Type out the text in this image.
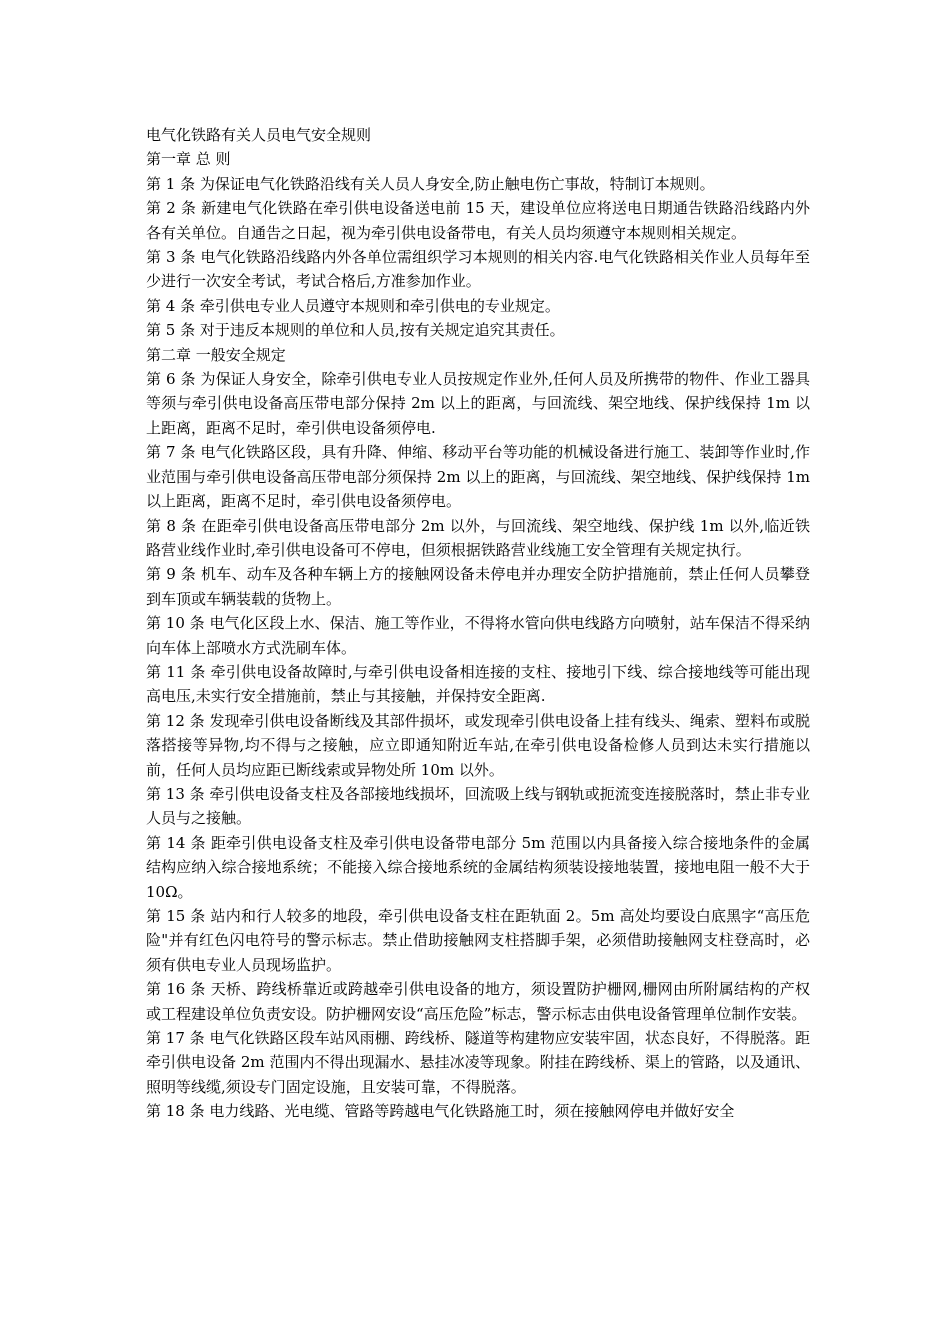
电气化铁路有关人员电气安全规则

第一章 总 则

第 1 条 为保证电气化铁路沿线有关人员人身安全,防止触电伤亡事故，特制订本规则。

第 2 条 新建电气化铁路在牵引供电设备送电前 15 天，建设单位应将送电日期通告铁路沿线路内外各有关单位。自通告之日起，视为牵引供电设备带电，有关人员均须遵守本规则相关规定。

第 3 条 电气化铁路沿线路内外各单位需组织学习本规则的相关内容.电气化铁路相关作业人员每年至少进行一次安全考试，考试合格后,方准参加作业。

第 4 条 牵引供电专业人员遵守本规则和牵引供电的专业规定。

第 5 条 对于违反本规则的单位和人员,按有关规定追究其责任。

第二章 一般安全规定

第 6 条 为保证人身安全，除牵引供电专业人员按规定作业外,任何人员及所携带的物件、作业工器具等须与牵引供电设备高压带电部分保持 2m 以上的距离，与回流线、架空地线、保护线保持 1m 以上距离，距离不足时，牵引供电设备须停电.

第 7 条 电气化铁路区段，具有升降、伸缩、移动平台等功能的机械设备进行施工、装卸等作业时,作业范围与牵引供电设备高压带电部分须保持 2m 以上的距离，与回流线、架空地线、保护线保持 1m 以上距离，距离不足时，牵引供电设备须停电。

第 8 条 在距牵引供电设备高压带电部分 2m 以外，与回流线、架空地线、保护线 1m 以外,临近铁路营业线作业时,牵引供电设备可不停电，但须根据铁路营业线施工安全管理有关规定执行。

第 9 条 机车、动车及各种车辆上方的接触网设备未停电并办理安全防护措施前，禁止任何人员攀登到车顶或车辆装载的货物上。

第 10 条 电气化区段上水、保洁、施工等作业，不得将水管向供电线路方向喷射，站车保洁不得采纳向车体上部喷水方式洗刷车体。

第 11 条 牵引供电设备故障时,与牵引供电设备相连接的支柱、接地引下线、综合接地线等可能出现高电压,未实行安全措施前，禁止与其接触，并保持安全距离.

第 12 条 发现牵引供电设备断线及其部件损坏，或发现牵引供电设备上挂有线头、绳索、塑料布或脱落搭接等异物,均不得与之接触，应立即通知附近车站,在牵引供电设备检修人员到达未实行措施以前，任何人员均应距已断线索或异物处所 10m 以外。

第 13 条 牵引供电设备支柱及各部接地线损坏，回流吸上线与钢轨或扼流变连接脱落时，禁止非专业人员与之接触。

第 14 条 距牵引供电设备支柱及牵引供电设备带电部分 5m 范围以内具备接入综合接地条件的金属结构应纳入综合接地系统；不能接入综合接地系统的金属结构须装设接地装置，接地电阻一般不大于 10Ω。

第 15 条 站内和行人较多的地段，牵引供电设备支柱在距轨面 2。5m 高处均要设白底黑字“高压危险"并有红色闪电符号的警示标志。禁止借助接触网支柱搭脚手架，必须借助接触网支柱登高时，必须有供电专业人员现场监护。

第 16 条 天桥、跨线桥靠近或跨越牵引供电设备的地方，须设置防护栅网,栅网由所附属结构的产权或工程建设单位负责安设。防护栅网安设“高压危险”标志，警示标志由供电设备管理单位制作安装。

第 17 条 电气化铁路区段车站风雨棚、跨线桥、隧道等构建物应安装牢固，状态良好，不得脱落。距牵引供电设备 2m 范围内不得出现漏水、悬挂冰凌等现象。附挂在跨线桥、渠上的管路，以及通讯、照明等线缆,须设专门固定设施，且安装可靠，不得脱落。

第 18 条 电力线路、光电缆、管路等跨越电气化铁路施工时，须在接触网停电并做好安全
